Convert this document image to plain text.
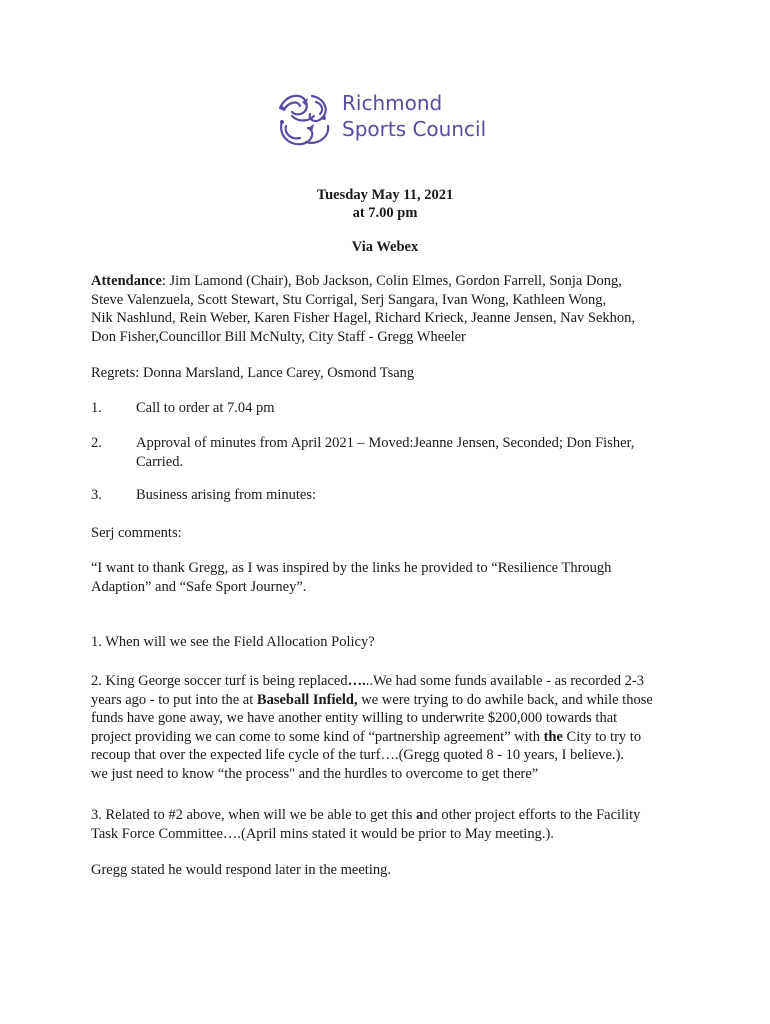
Richmond
Sports Council
Tuesday May 11, 2021
at 7.00 pm
Via Webex
Attendance: Jim Lamond (Chair), Bob Jackson, Colin Elmes, Gordon Farrell, Sonja Dong,
Steve Valenzuela, Scott Stewart, Stu Corrigal, Serj Sangara, Ivan Wong, Kathleen Wong,
Nik Nashlund, Rein Weber, Karen Fisher Hagel, Richard Krieck, Jeanne Jensen, Nav Sekhon,
Don Fisher,Councillor Bill McNulty, City Staff - Gregg Wheeler
Regrets: Donna Marsland, Lance Carey, Osmond Tsang
1. Call to order at 7.04 pm
2. Approval of minutes from April 2021 – Moved:Jeanne Jensen, Seconded; Don Fisher,
Carried.
3. Business arising from minutes:
Serj comments:
“I want to thank Gregg, as I was inspired by the links he provided to “Resilience Through
Adaption” and “Safe Sport Journey”.
1. When will we see the Field Allocation Policy?
2. King George soccer turf is being replaced…...We had some funds available - as recorded 2-3
years ago - to put into the at Baseball Infield, we were trying to do awhile back, and while those
funds have gone away, we have another entity willing to underwrite $200,000 towards that
project providing we can come to some kind of “partnership agreement” with the City to try to
recoup that over the expected life cycle of the turf….(Gregg quoted 8 - 10 years, I believe.).
we just need to know “the process" and the hurdles to overcome to get there”
3. Related to #2 above, when will we be able to get this and other project efforts to the Facility
Task Force Committee….(April mins stated it would be prior to May meeting.).
Gregg stated he would respond later in the meeting.
